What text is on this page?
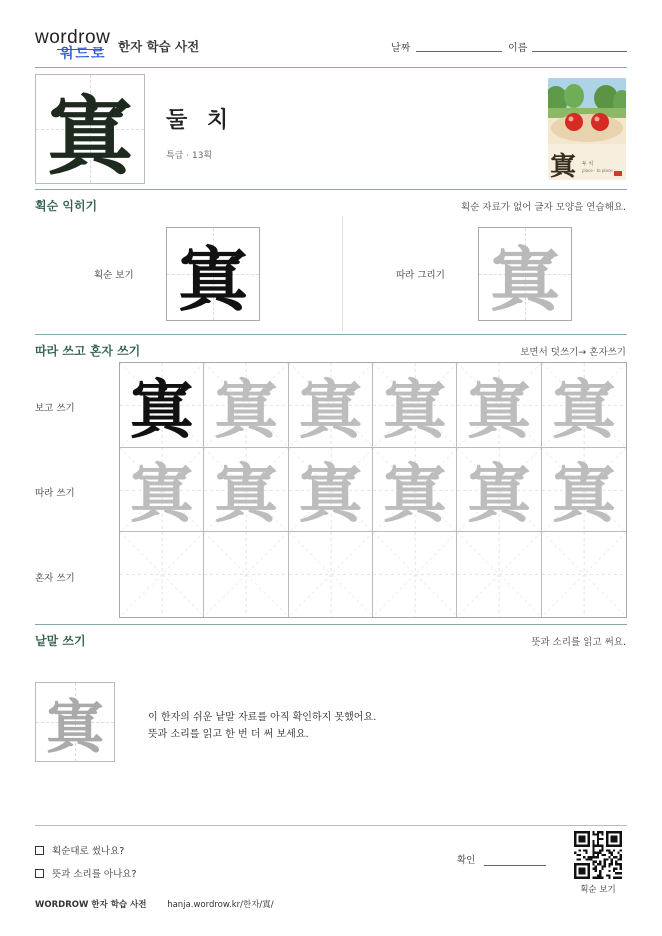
wordrow
워드로 한자 학습 사전	날짜	이름
寘	둘 치
특급 · 13획	寘 두 치
place · to place
획순 익히기	획순 자료가 없어 글자 모양을 연습해요.
획순 보기 寘	따라 그리기 寘
따라 쓰고 혼자 쓰기	보면서 덧쓰기→ 혼자쓰기
보고 쓰기
따라 쓰기
혼자 쓰기
寘 寘 寘 寘 寘 寘
寘 寘 寘 寘 寘 寘
낱말 쓰기	뜻과 소리를 읽고 써요.
寘	이 한자의 쉬운 낱말 자료를 아직 확인하지 못했어요.
뜻과 소리를 읽고 한 번 더 써 보세요.
획순대로 썼나요?
뜻과 소리를 아나요?
확인
획순 보기
WORDROW 한자 학습 사전 hanja.wordrow.kr/한자/寘/
